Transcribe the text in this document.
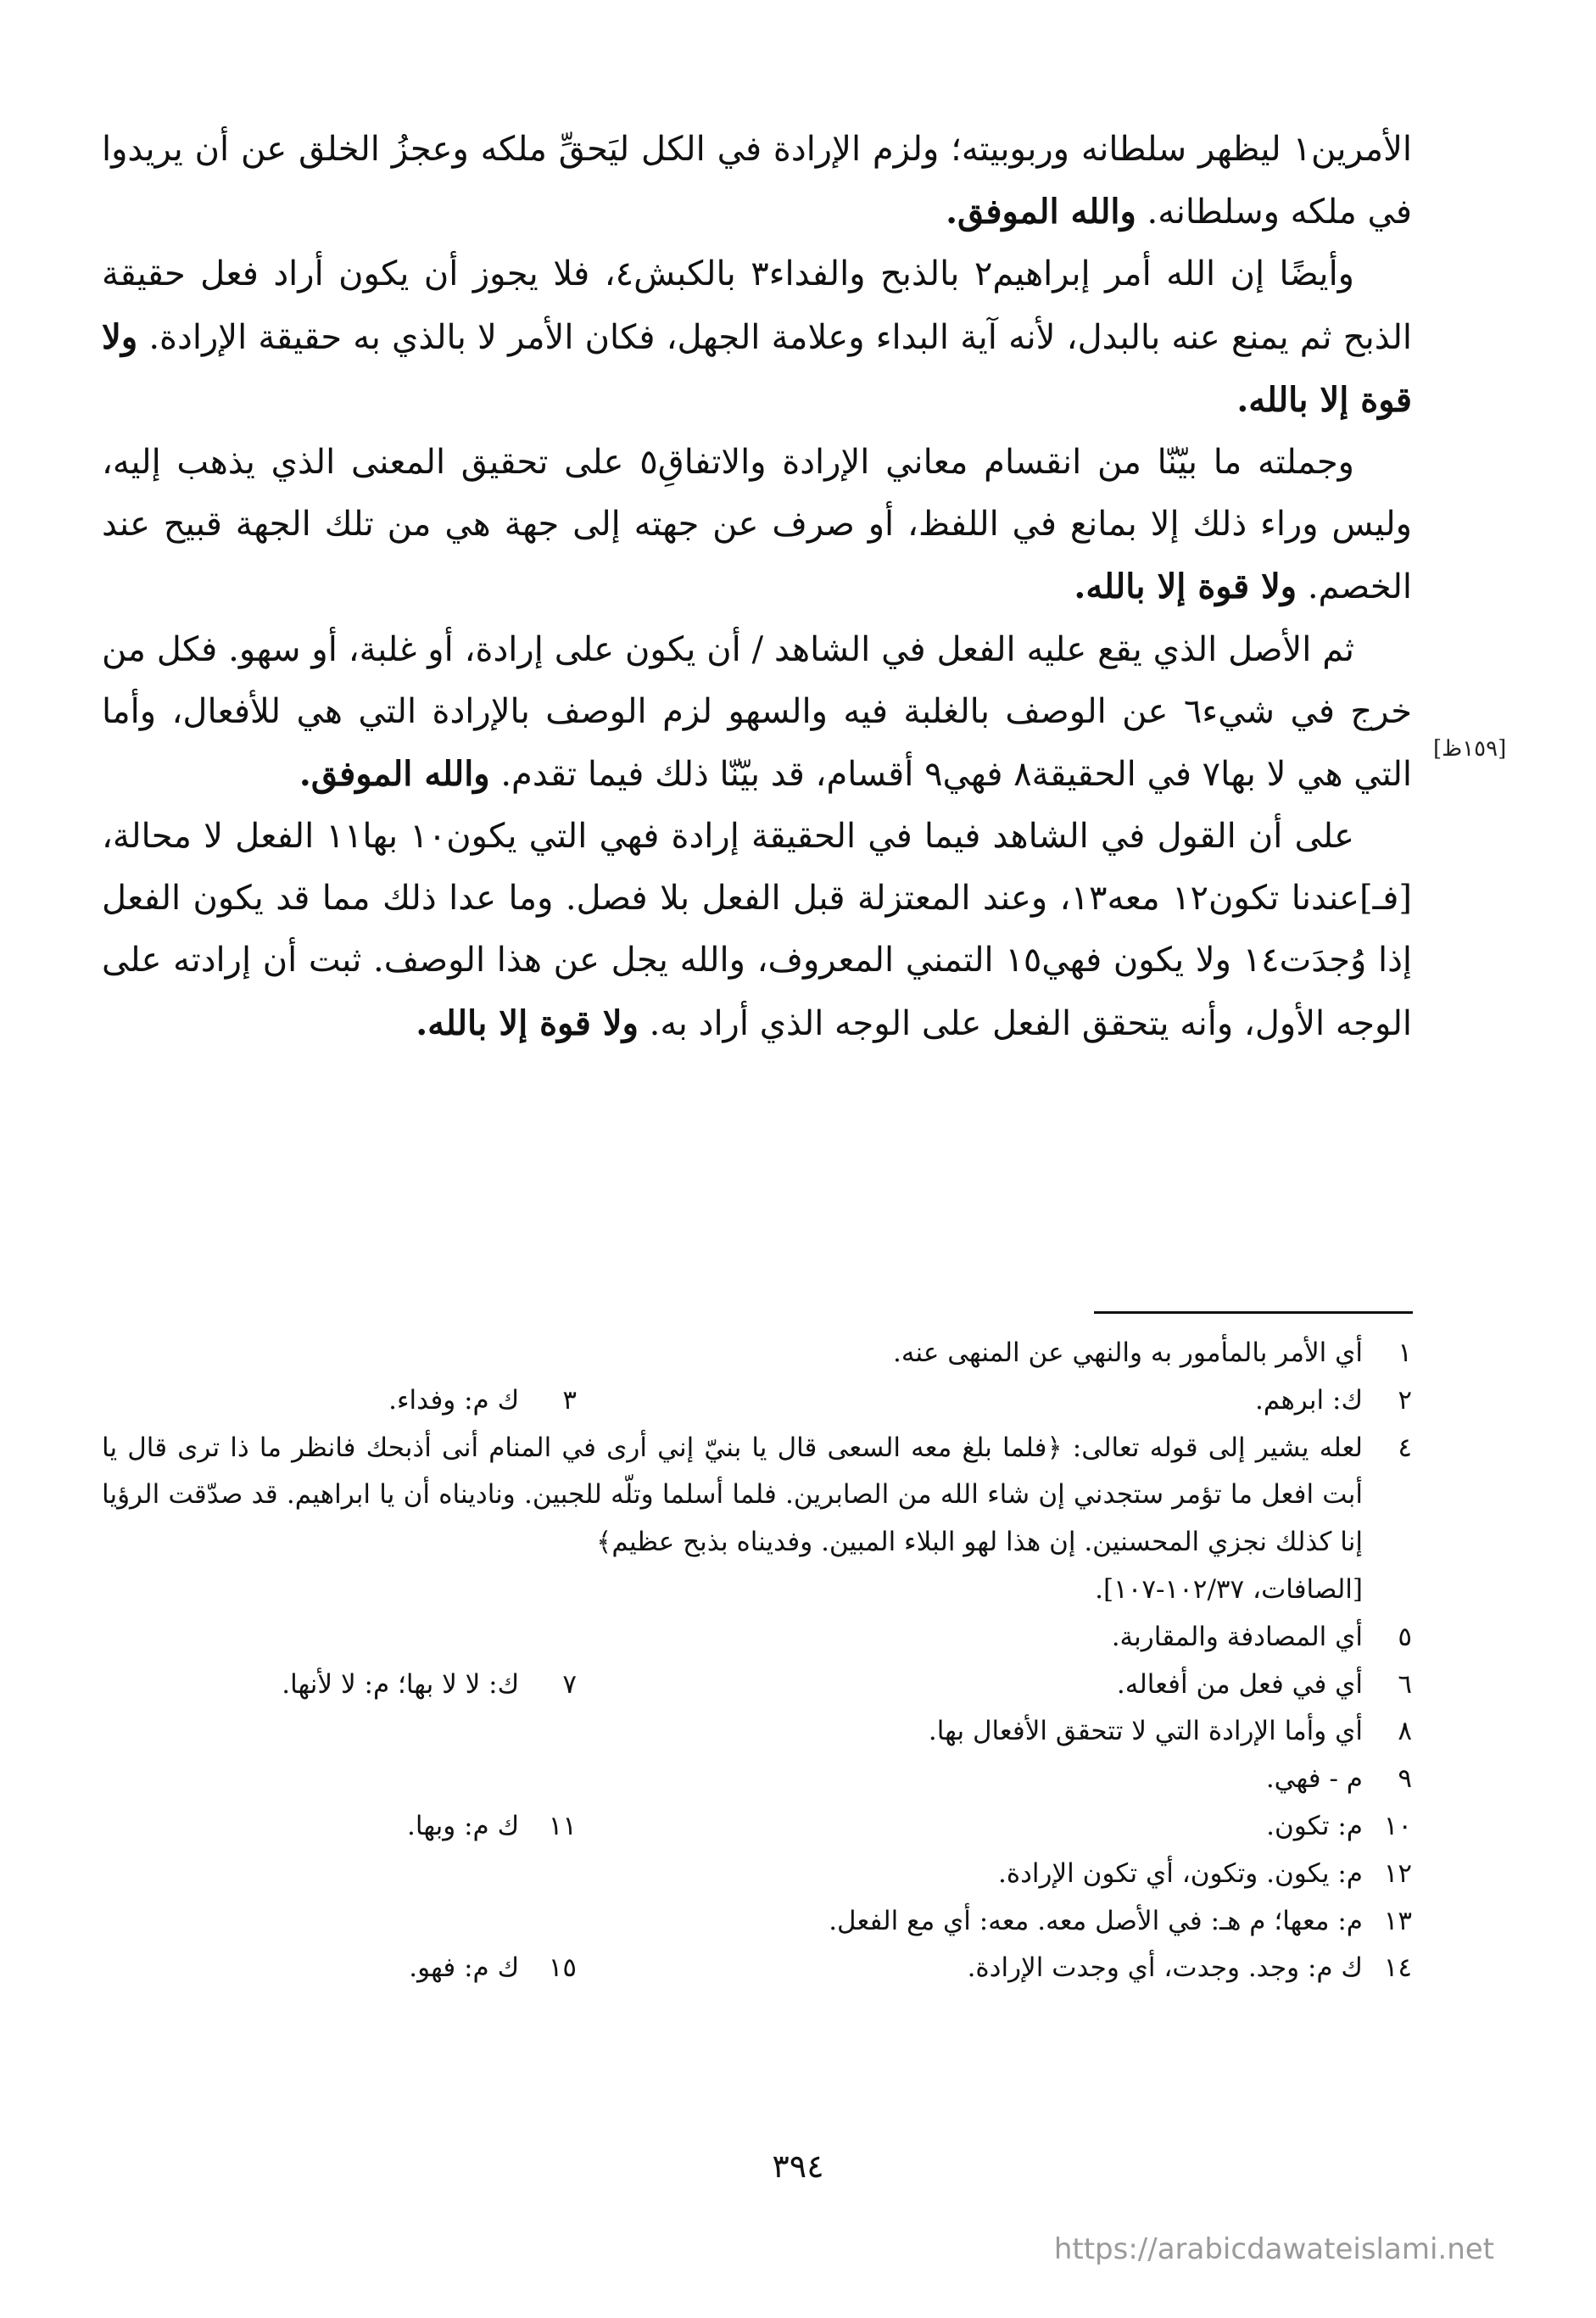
الأمرين١ ليظهر سلطانه وربوبيته؛ ولزم الإرادة في الكل ليَحقِّ ملكه وعجزُ الخلق عن أن يريدوا في ملكه وسلطانه. والله الموفق.

وأيضًا إن الله أمر إبراهيم٢ بالذبح والفداء٣ بالكبش٤، فلا يجوز أن يكون أراد فعل حقيقة الذبح ثم يمنع عنه بالبدل، لأنه آية البداء وعلامة الجهل، فكان الأمر لا بالذي به حقيقة الإرادة. ولا قوة إلا بالله.

وجملته ما بيّنّا من انقسام معاني الإرادة والاتفاقِ٥ على تحقيق المعنى الذي يذهب إليه، وليس وراء ذلك إلا بمانع في اللفظ، أو صرف عن جهته إلى جهة هي من تلك الجهة قبيح عند الخصم. ولا قوة إلا بالله.

ثم الأصل الذي يقع عليه الفعل في الشاهد / أن يكون على إرادة، أو غلبة، أو سهو. فكل من خرج في شيء٦ عن الوصف بالغلبة فيه والسهو لزم الوصف بالإرادة التي هي للأفعال، وأما التي هي لا بها٧ في الحقيقة٨ فهي٩ أقسام، قد بيّنّا ذلك فيما تقدم. والله الموفق.

على أن القول في الشاهد فيما في الحقيقة إرادة فهي التي يكون١٠ بها١١ الفعل لا محالة، [فـ]عندنا تكون١٢ معه١٣، وعند المعتزلة قبل الفعل بلا فصل. وما عدا ذلك مما قد يكون الفعل إذا وُجدَت١٤ ولا يكون فهي١٥ التمني المعروف، والله يجل عن هذا الوصف. ثبت أن إرادته على الوجه الأول، وأنه يتحقق الفعل على الوجه الذي أراد به. ولا قوة إلا بالله.

[١٥٩ظ]
١
أي الأمر بالمأمور به والنهي عن المنهى عنه.
٢
ك: ابرهم.
٣ ك م: وفداء.
٤
لعله يشير إلى قوله تعالى: ﴿فلما بلغ معه السعى قال يا بنيّ إني أرى في المنام أنى أذبحك فانظر ما ذا ترى قال يا أبت افعل ما تؤمر ستجدني إن شاء الله من الصابرين. فلما أسلما وتلّه للجبين. وناديناه أن يا ابراهيم. قد صدّقت الرؤيا إنا كذلك نجزي المحسنين. إن هذا لهو البلاء المبين. وفديناه بذبح عظيم﴾
[الصافات، ١٠٢/٣٧-١٠٧].
٥
أي المصادفة والمقاربة.
٦
أي في فعل من أفعاله.
٧ ك: لا لا بها؛ م: لا لأنها.
٨
أي وأما الإرادة التي لا تتحقق الأفعال بها.
٩
م - فهي.
١٠
م: تكون.
١١ ك م: وبها.
١٢
م: يكون. وتكون، أي تكون الإرادة.
١٣
م: معها؛ م هـ: في الأصل معه. معه: أي مع الفعل.
١٤
ك م: وجد. وجدت، أي وجدت الإرادة.
١٥ ك م: فهو.
٣٩٤
https://arabicdawateislami.net
